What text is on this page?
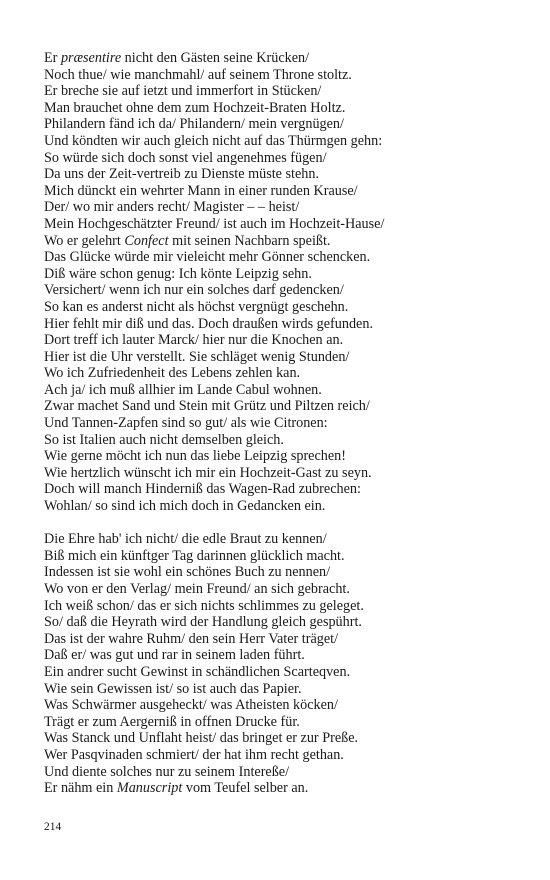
Er præsentire nicht den Gästen seine Krücken/
Noch thue/ wie manchmahl/ auf seinem Throne stoltz.
Er breche sie auf ietzt und immerfort in Stücken/
Man brauchet ohne dem zum Hochzeit-Braten Holtz.
Philandern fänd ich da/ Philandern/ mein vergnügen/
Und köndten wir auch gleich nicht auf das Thürmgen gehn:
So würde sich doch sonst viel angenehmes fügen/
Da uns der Zeit-vertreib zu Dienste müste stehn.
Mich dünckt ein wehrter Mann in einer runden Krause/
Der/ wo mir anders recht/ Magister – – heist/
Mein Hochgeschätzter Freund/ ist auch im Hochzeit-Hause/
Wo er gelehrt Confect mit seinen Nachbarn speißt.
Das Glücke würde mir vieleicht mehr Gönner schencken.
Diß wäre schon genug: Ich könte Leipzig sehn.
Versichert/ wenn ich nur ein solches darf gedencken/
So kan es anderst nicht als höchst vergnügt geschehn.
Hier fehlt mir diß und das. Doch draußen wirds gefunden.
Dort treff ich lauter Marck/ hier nur die Knochen an.
Hier ist die Uhr verstellt. Sie schläget wenig Stunden/
Wo ich Zufriedenheit des Lebens zehlen kan.
Ach ja/ ich muß allhier im Lande Cabul wohnen.
Zwar machet Sand und Stein mit Grütz und Piltzen reich/
Und Tannen-Zapfen sind so gut/ als wie Citronen:
So ist Italien auch nicht demselben gleich.
Wie gerne möcht ich nun das liebe Leipzig sprechen!
Wie hertzlich wünscht ich mir ein Hochzeit-Gast zu seyn.
Doch will manch Hinderniß das Wagen-Rad zubrechen:
Wohlan/ so sind ich mich doch in Gedancken ein.
Die Ehre hab' ich nicht/ die edle Braut zu kennen/
Biß mich ein künftger Tag darinnen glücklich macht.
Indessen ist sie wohl ein schönes Buch zu nennen/
Wo von er den Verlag/ mein Freund/ an sich gebracht.
Ich weiß schon/ das er sich nichts schlimmes zu geleget.
So/ daß die Heyrath wird der Handlung gleich gespührt.
Das ist der wahre Ruhm/ den sein Herr Vater träget/
Daß er/ was gut und rar in seinem laden führt.
Ein andrer sucht Gewinst in schändlichen Scarteqven.
Wie sein Gewissen ist/ so ist auch das Papier.
Was Schwärmer ausgeheckt/ was Atheisten köcken/
Trägt er zum Aergerniß in offnen Drucke für.
Was Stanck und Unflaht heist/ das bringet er zur Preße.
Wer Pasqvinaden schmiert/ der hat ihm recht gethan.
Und diente solches nur zu seinem Intereße/
Er nähm ein Manuscript vom Teufel selber an.
214
